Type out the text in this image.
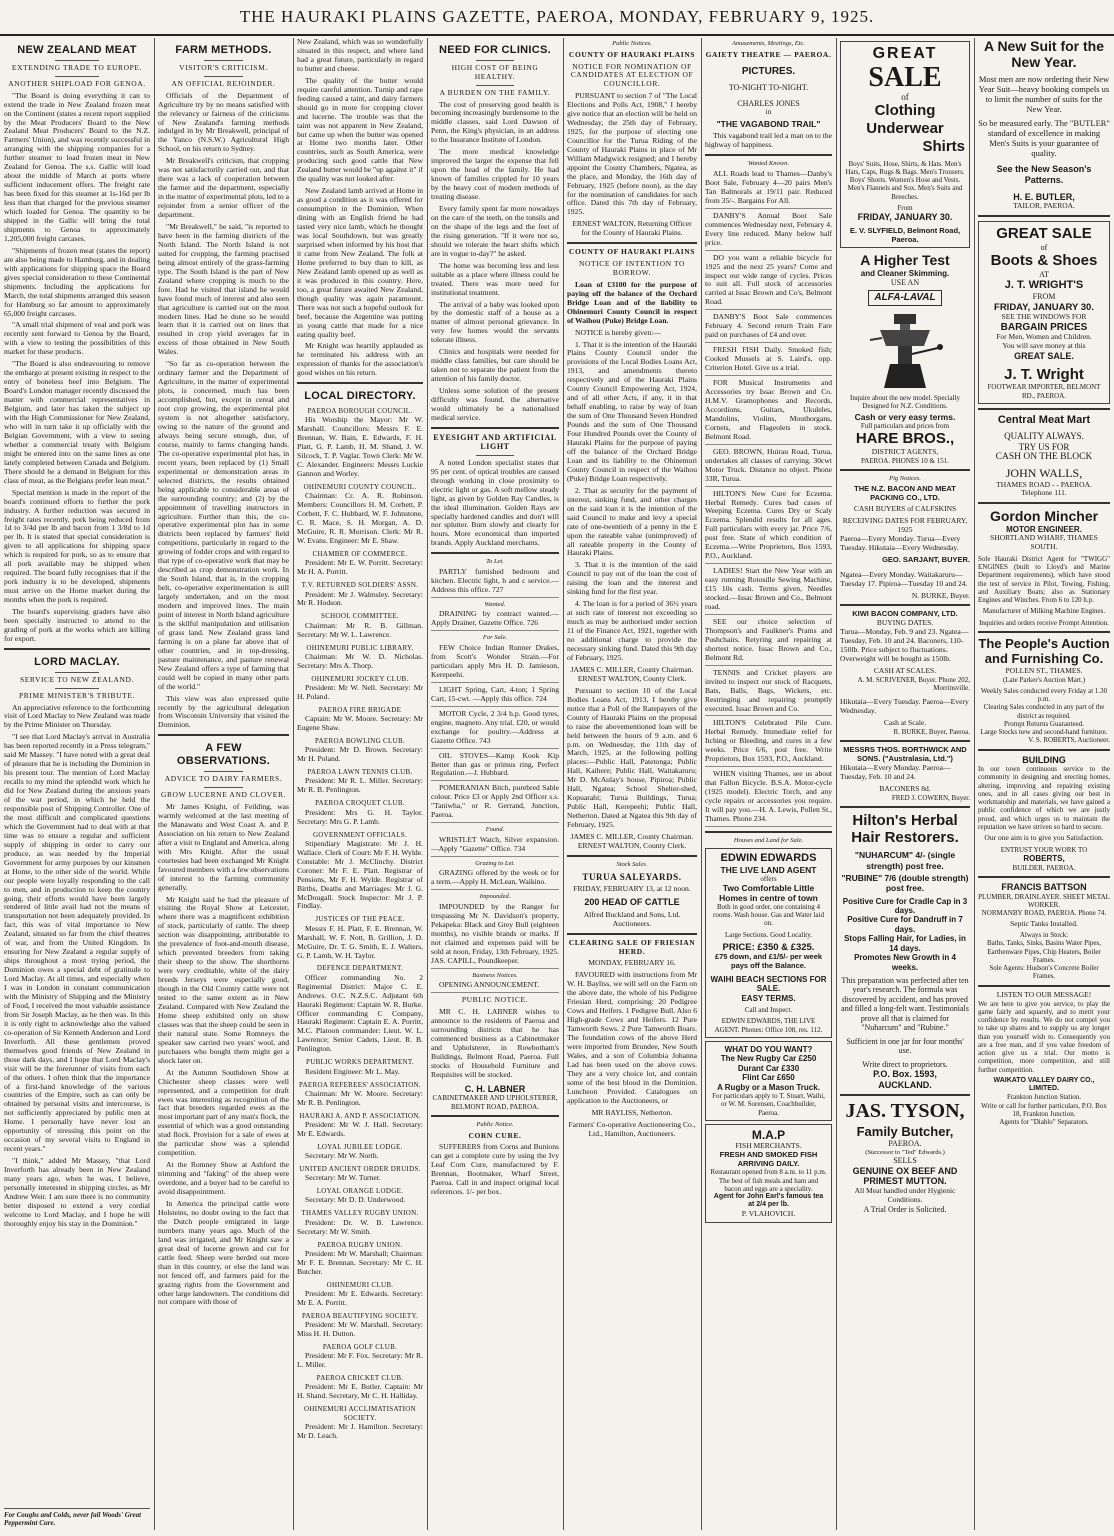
THE HAURAKI PLAINS GAZETTE, PAEROA, MONDAY, FEBRUARY 9, 1925.
NEW ZEALAND MEAT
EXTENDING TRADE TO EUROPE.
ANOTHER SHIPLOAD FOR GENOA.

"The Board is doing everything it can to extend the trade in New Zealand frozen meat on the Continent (states a recent report supplied by the Meat Producers' Board to the New Zealand Meat Producers' Board to the N.Z. Farmers' Union), and was recently successful in arranging with the shipping companies for a further steamer to load frozen meat in New Zealand for Genoa. The s.s. Gallic will load about the middle of March at ports where sufficient inducement offers. The freight rate has been fixed for this steamer at 1s-16d per lb less than that charged for the previous steamer which loaded for Genoa. The quantity to be shipped in the Gallic will bring the total shipments to Genoa to approximately 1,205,000 freight carcases.

"Shipments of frozen meat (states the report) are also being made to Hamburg, and in dealing with applications for shipping space the Board gives special consideration to these Continental shipments. Including the applications for March, the total shipments arranged this season for Hamburg so far amount to approximately 65,000 freight carcases.

"A small trial shipment of veal and pork was recently sent forward to Genoa by the Board, with a view to testing the possibilities of this market for these products.

"The Board is also endeavouring to remove the embargo at present existing in respect to the entry of boneless beef into Belgium. The Board's London manager recently discussed the matter with commercial representatives in Belgium, and later has taken the subject up with the High Commissioner for New Zealand, who will in turn take it up officially with the Belgian Government, with a view to seeing whether a commercial treaty with Belgium might be entered into on the same lines as one lately completed between Canada and Belgium. There should be a demand in Belgium for this class of meat, as the Belgians prefer lean meat."

Special mention is made in the report of the board's continued efforts to further the pork industry. A further reduction was secured in freight rates recently, pork being reduced from 1d to 3/4d per lb and bacon from 1 3/8d to 1d per lb. It is stated that special consideration is given to all applications for shipping space which is required for pork, so as to ensure that all pork available may be shipped when required. The board fully recognises that if the pork industry is to be developed, shipments must arrive on the Home market during the months when the pork is required.

The board's supervising graders have also been specially instructed to attend to the grading of pork at the works which are killing for export.

LORD MACLAY.
SERVICE TO NEW ZEALAND.
PRIME MINISTER'S TRIBUTE.

An appreciative reference to the forthcoming visit of Lord Maclay to New Zealand was made by the Prime Minister on Thursday.

"I see that Lord Maclay's arrival in Australia has been reported recently in a Press telegram," said Mr Massey. "I have noted with a great deal of pleasure that he is including the Dominion in his present tour. The mention of Lord Maclay recalls to my mind the splendid work which he did for New Zealand during the anxious years of the war period, in which he held the responsible post of Shipping Controller. One of the most difficult and complicated questions which the Government had to deal with at that time was to ensure a regular and sufficient supply of shipping in order to carry our produce, as was needed by the Imperial Government for army purposes by our kinsmen at Home, to the other side of the world. While our people were loyally responding to the call to men, and in production to keep the country going, their efforts would have been largely rendered of little avail had not the means of transportation not been adequately provided. In fact, this was of vital importance to New Zealand, situated so far from the chief theatres of war, and from the United Kingdom. In ensuring for New Zealand a regular supply of ships throughout a most trying period, the Dominion owes a special debt of gratitude to Lord Maclay. At all times, and especially when I was in London in constant communication with the Ministry of Shipping and the Ministry of Food, I received the most valuable assistance from Sir Joseph Maclay, as he then was. In this it is only right to acknowledge also the valued co-operation of Sir Kenneth Anderson and Lord Inverforth. All these gentlemen proved themselves good friends of New Zealand in those dark days, and I hope that Lord Maclay's visit will be the forerunner of visits from each of the others. I often think that the importance of a first-hand knowledge of the various countries of the Empire, such as can only be obtained by personal visits and intercourse, is not sufficiently appreciated by public men at Home. I personally have never lost an opportunity of stressing this point on the occasion of my several visits to England in recent years."

"I think," added Mr Massey, "that Lord Inverforth has already been in New Zealand many years ago, when he was, I believe, personally interested in shipping circles, as Mr Andrew Weir. I am sure there is no community better disposed to extend a very cordial welcome to Lord Maclay, and I hope he will thoroughly enjoy his stay in the Dominion."

For Coughs and Colds, never fail Woods' Great Peppermint Cure.
FARM METHODS.
VISITOR'S CRITICISM.
AN OFFICIAL REJOINDER.

Officials of the Department of Agriculture try by no means satisfied with the relevancy or fairness of the criticisms of New Zealand's farming methods indulged in by Mr Breakwell, principal of the Yanco (N.S.W.) Agricultural High School, on his return to Sydney.

Mr Breakwell's criticism, that cropping was not satisfactorily carried out, and that there was a lack of cooperation between the farmer and the department, especially in the matter of experimental plots, led to a rejoinder from a senior officer of the department.

"Mr Breakwell," he said, "is reported to have been in the farming districts of the North Island. The North Island is not suited for cropping, the farming practised being almost entirely of the grass-farming type. The South Island is the part of New Zealand where cropping is much to the fore. Had he visited that island he would have found much of interest and also seen that agriculture is carried out on the most modern lines. Had he done so he would learn that it is carried out on lines that resulted in crop yield averages far in excess of those obtained in New South Wales.

"So far as co-operation between the ordinary farmer and the Department of Agriculture, in the matter of experimental plots, is concerned, much has been accomplished, but, except in cereal and root crop growing, the experimental plot system is not altogether satisfactory, owing to the nature of the ground and always being secure enough, due, of course, mainly to farms changing hands. The co-operative experimental plot has, in recent years, been replaced by (1) Small experimental or demonstration areas in selected districts, the results obtained being applicable to considerable areas of the surrounding country; and (2) by the appointment of travelling instructors in agriculture. Further than this, the co-operative experimental plot has in some districts been replaced by farmers' field competitions, particularly in regard to the growing of fodder crops and with regard to that type of co-operative work that may be described as crop demonstration work. In the South Island, that is, in the cropping belt, co-operative experimentation is still largely undertaken, and on the most modern and improved lines. The main point of interest in North Island agriculture is the skilful manipulation and utilisation of grass land. New Zealand grass land farming is on a plane far above that of other countries, and in top-dressing, pasture maintenance, and pasture renewal New Zealand offers a type of farming that could well be copied in many other parts of the world."

This view was also expressed quite recently by the agricultural delegation from Wisconsin University that visited the Dominion.

A FEW OBSERVATIONS.
ADVICE TO DAIRY FARMERS.
GROW LUCERNE AND CLOVER.

Mr James Knight, of Feilding, was warmly welcomed at the last meeting of the Manawatu and West Coast A. and P. Association on his return to New Zealand after a visit to England and America, along with Mrs Knight. After the usual courtesies had been exchanged Mr Knight favoured members with a few observations of interest to the farming community generally.

Mr Knight said he had the pleasure of visiting the Royal Show at Leicester, where there was a magnificent exhibition of stock, particularly of cattle. The sheep section was disappointing, attributable to the prevalence of foot-and-mouth disease, which prevented breeders from taking their sheep to the show. The shorthorns were very creditable, white of the dairy breeds Jerseys were especially good, though in the Old Country cattle were not tested to the same extent as in New Zealand. Compared with New Zealand the Home sheep exhibited only on show classes was that the sheep could be seen in their natural state. Some Romneys the speaker saw carried two years' wool, and purchasers who bought them might get a shock later on.

At the Autumn Southdown Show at Chichester sheep classes were well represented, and a competition for draft ewes was interesting as recognition of the fact that breeders regarded ewes as the most important part of any man's flock, the essential of which was a good outstanding stud flock. Provision for a sale of ewes at the particular show was a splendid competition.

At the Romney Show at Ashford the trimming and "faking" of the sheep were overdone, and a buyer had to be careful to avoid disappointment.

In America the principal cattle were Holsteins, no doubt owing to the fact that the Dutch people emigrated in large numbers many years ago. Much of the land was irrigated, and Mr Knight saw a great deal of lucerne grown and cut for cattle feed. Sheep were herded out more than in this country, or else the land was not fenced off, and farmers paid for the grazing rights from the Government and other large landowners. The conditions did not compare with those of

New Zealand, which was so wonderfully situated in this respect, and where land had a great future, particularly in regard to butter and cheese.

The quality of the butter would require careful attention. Turnip and rape feeding caused a taint, and dairy farmers should go in more for cropping clover and lucerne. The trouble was that the taint was not apparent in New Zealand, but came up when the butter was opened at Home two months later. Other countries, such as South America, were producing such good cattle that New Zealand butter would be "up against it" if the quality was not looked after.

New Zealand lamb arrived at Home in as good a condition as it was offered for consumption in the Dominion. When dining with an English friend he had tasted very nice lamb, which he thought was local Southdown, but was greatly surprised when informed by his host that it came from New Zealand. The folk at Home preferred to buy than to kill, as New Zealand lamb opened up as well as it was produced in this country. Here, too, a great future awaited New Zealand, though quality was again paramount. There was not such a hopeful outlook for beef, because the Argentine was putting in young cattle that made for a nice eating quality beef.

Mr Knight was heartily applauded as he terminated his address with an expression of thanks for the association's good wishes on his return.

LOCAL DIRECTORY.
PAEROA BOROUGH COUNCIL.

His Worship the Mayor: Mr W. Marshall. Councillors: Messrs F. E. Brennan, W. Bain, E. Edwards, F. H. Platt, G. P. Lamb, H. M. Shand, J. W. Silcock, T. P. Vaglar. Town Clerk: Mr W. C. Alexander. Engineers: Messrs Luckie Gannon and Worley.

OHINEMURI COUNTY COUNCIL.

Chairman: Cr. A. R. Robinson. Members: Councillors H. M. Corbett, P. Corbett, F. C. Hubbard, W. F. Johnstone, C. R. Mace, S. H. Morgan, A. D. McGuire, R. R. Morrison. Clerk: Mr R. W. Evans. Engineer: Mr E. Shaw.

CHAMBER OF COMMERCE.

President: Mr E. W. Porritt. Secretary: Mr H. A. Porritt.

T.V. RETURNED SOLDIERS' ASSN.

President: Mr J. Walmsley. Secretary: Mr R. Hodson.

SCHOOL COMMITTEE.

Chairman: Mr R. B. Gillman. Secretary: Mr W. L. Lawrence.

OHINEMURI PUBLIC LIBRARY.

Chairman: Mr W. D. Nicholas. Secretary: Mrs A. Thorp.

OHINEMURI JOCKEY CLUB.

President: Mr W. Nell. Secretary: Mr H. Poland.

PAEROA FIRE BRIGADE

Captain: Mr W. Moore. Secretary: Mr Eugene Shaw.

PAEROA BOWLING CLUB.

President: Mr D. Brown. Secretary: Mr H. Poland.

PAEROA LAWN TENNIS CLUB.

President: Mr R. L. Miller. Secretary: Mr R. B. Penlington.

PAEROA CROQUET CLUB.

President: Mrs G. H. Taylor. Secretary: Mrs G. P. Lamb.

GOVERNMENT OFFICIALS.

Stipendiary Magistrate: Mr J. H. Wallace. Clerk of Court: Mr F. H. Wylde. Constable: Mr J. McClinchy. District Coroner: Mr F. E. Platt. Registrar of Pensions, Mr F. H. Wylde. Registrar of Births, Deaths and Marriages: Mr J. G. McDougall. Stock Inspector: Mr J. P. Findlay.

JUSTICES OF THE PEACE.

Messrs F. H. Platt, F. E. Brennan, W. Marshall, W. F. Nott, B. Grillion, J. D. McGuire, Dr. T. G. Smith, E. J. Walters, G. P. Lamb, W. H. Taylor.

DEFENCE DEPARTMENT.

Officer commanding No. 2 Regimental District: Major C. E. Andrews. O.C. N.Z.S.C. Adjutant 6th Hauraki Regiment: Captain W. R. Burke. Officer commanding C Company, Hauraki Regiment: Captain E. A. Porritt, M.C. Platoon commander: Lieut. W. L. Lawrence; Senior Cadets, Lieut. R. B. Penlington.

PUBLIC WORKS DEPARTMENT.

Resident Engineer: Mr L. May.

PAEROA REFEREES' ASSOCIATION.

Chairman: Mr W. Moore. Secretary: Mr R. B. Penlington.

HAURAKI A. AND P. ASSOCIATION.

President: Mr W. J. Hall. Secretary: Mr E. Edwards.

LOYAL JUBILEE LODGE.

Secretary: Mr W. North.

UNITED ANCIENT ORDER DRUIDS.

Secretary: Mr W. Turner.

LOYAL ORANGE LODGE.

Secretary: Mr D. D. Underwood.

THAMES VALLEY RUGBY UNION.

President: Dr. W. B. Lawrence. Secretary: Mr W. Smith.

PAEROA RUGBY UNION.

President: Mr W. Marshall; Chairman: Mr F. E. Brennan. Secretary: Mr C. H. Butcher.

OHINEMURI CLUB.

President: Mr E. Edwards. Secretary: Mr E. A. Porritt.

PAEROA BEAUTIFYING SOCIETY.

President: Mr W. Marshall. Secretary: Miss H. H. Dutton.

PAEROA GOLF CLUB.

President: Mr F. Fox. Secretary: Mr R. L. Miller.

PAEROA CRICKET CLUB.

President: Mr E. Butler. Captain: Mr H. Shand. Secretary, Mr C. H. Halliday.

OHINEMURI ACCLIMATISATION SOCIETY.

President: Mr J. Hamilton. Secretary: Mr D. Leach.

NEED FOR CLINICS.
HIGH COST OF BEING HEALTHY.
A BURDEN ON THE FAMILY.

The cost of preserving good health is becoming increasingly burdensome to the middle classes, said Lord Dawson of Penn, the King's physician, in an address to the Insurance Institute of London.

The more medical knowledge improved the larger the expense that fell upon the head of the family. He had known of families crippled for 10 years by the heavy cost of modern methods of treating disease.

Every family spent far more nowadays on the care of the teeth, on the tonsils and on the shape of the legs and the feet of the rising generation. "If it were not so, should we tolerate the heart shifts which are in vogue to-day?" he asked.

The home was becoming less and less suitable as a place where illness could be treated. There was more need for institutional treatment.

The arrival of a baby was looked upon by the domestic staff of a house as a matter of almost personal grievance. In very few homes would the servants tolerate illness.

Clinics and hospitals were needed for middle class families, but care should be taken not to separate the patient from the attention of his family doctor.

Unless some solution of the present difficulty was found, the alternative would ultimately be a nationalised medical service.

EYESIGHT AND ARTIFICIAL LIGHT

A noted London specialist states that 95 per cent. of optical troubles are caused through working in close proximity to electric light or gas. A soft mellow steady light, as given by Golden Ray Candles, is the ideal illumination. Golden Rays are specially hardened candles and don't will nor splutter. Burn slowly and clearly for hours. More economical than imported brands. Apply Auckland merchants.

To Let.

PARTLY furnished bedroom and kitchen. Electric light, h and c service.—Address this office. 727

Wanted.

DRAINING by contract wanted.—Apply Drainer, Gazette Office. 726

For Sale.

FEW Choice Indian Runner Drakes, from Scott's Wonder Strain.—For particulars apply Mrs H. D. Jamieson, Kerepeehi.

LIGHT Spring, Cart, 4-ton; 1 Spring Cart, 15-cwt. —Apply this office. 724

MOTOR Cycle, 2 3/4 h.p. Good tyres, engine, magneto. Any trial. £20, or would exchange for poultry.—Address at Gazette Office. 743

OIL STOVES—Kamp Kook Kip Better than gas or primus ring, Perfect Regulation.—J. Hubbard.

POMERANIAN Bitch, purebred Sable colour. Price £3 or Apply 2nd Officer s.s. "Taniwha," or R. Gerrand, Junction, Paeroa.

Found.

WRISTLET Watch, Silver expansion.—Apply "Gazette" Office. 734

Grazing to Let.

GRAZING offered by the week or for a term.—Apply H. McLean, Waikino.

Impounded.

IMPOUNDED by the Ranger for trespassing Mr N. Davidson's property, Pekapeka: Black and Grey Bull (eighteen months), no visible brands or marks. If not claimed and expenses paid will be sold at noon, Friday, 13th February, 1925. JAS. CAPILL, Poundkeeper.

Business Notices.

OPENING ANNOUNCEMENT.

PUBLIC NOTICE.

MR C. H. LABNER wishes to announce to the residents of Paeroa and surrounding districts that he has commenced business as a Cabinetmaker and Upholsterer, in Rowbotham's Buildings, Belmont Road, Paeroa. Full stocks of Household Furniture and Requisites will be stocked.

C. H. LABNER
CABINETMAKER AND UPHOLSTERER, BELMONT ROAD, PAEROA.
Public Notice.
CORN CURE.

SUFFERERS from Corns and Bunions can get a complete cure by using the Ivy Leaf Corn Cure, manufactured by F. Brennan, Bootmaker, Wharf Street, Paeroa. Call in and inspect original local references. 1/- per box.

Public Notices.
COUNTY OF HAURAKI PLAINS
NOTICE FOR NOMINATION OF CANDIDATES AT ELECTION OF COUNCILLOR.

PURSUANT to section 7 of "The Local Elections and Polls Act, 1908," I hereby give notice that an election will be held on Wednesday, the 25th day of February, 1925, for the purpose of electing one Councillor for the Turua Riding of the County of Hauraki Plains in place of Mr William Madgwick resigned; and I hereby appoint the County Chambers, Ngatea, as the place, and Monday, the 16th day of February, 1925 (before noon), as the day for the nomination of candidates for such office. Dated this 7th day of February, 1925.

ERNEST WALTON, Returning Officer for the County of Hauraki Plains.

COUNTY OF HAURAKI PLAINS
NOTICE OF INTENTION TO BORROW.

Loan of £3100 for the purpose of paying off the balance of the Orchard Bridge Loan and of the liability to Ohinemuri County Council in respect of Waihou (Puke) Bridge Loan.

NOTICE is hereby given:—

1. That it is the intention of the Hauraki Plains County Council under the provisions of the Local Bodies Loans Act, 1913, and amendments thereto respectively and of the Hauraki Plains County Council Empowering Act, 1924, and of all other Acts, if any, it in that behalf enabling, to raise by way of loan the sum of One Thousand Seven Hundred Pounds and the sum of One Thousand Four Hundred Pounds over the County of Hauraki Plains for the purpose of paying off the balance of the Orchard Bridge Loan and its liability to the Ohinemuri County Council in respect of the Waihou (Puke) Bridge Loan respectively.

2. That as security for the payment of interest, sinking fund, and other charges on the said loan it is the intention of the said Council to make and levy a special rate of one-twentieth of a penny in the £ upon the rateable value (unimproved) of all rateable property in the County of Hauraki Plains.

3. That it is the intention of the said Council to pay out of the loan the cost of raising the loan and the interest and sinking fund for the first year.

4. The loan is for a period of 36½ years at such rate of interest not exceeding so much as may be authorised under section 11 of the Finance Act, 1921, together with no additional charge to provide the necessary sinking fund. Dated this 9th day of February, 1925.

JAMES C. MILLER, County Chairman. ERNEST WALTON, County Clerk.

Pursuant to section 10 of the Local Bodies Loans Act, 1913, I hereby give notice that a Poll of the Ratepayers of the County of Hauraki Plains on the proposal to raise the abovementioned loan will be held between the hours of 9 a.m. and 6 p.m. on Wednesday, the 11th day of March, 1925, at the following polling places:—Public Hall, Patetonga; Public Hall, Kaihere; Public Hall, Waitakaruru; Mr D. McAulay's house, Pipiroa; Public Hall, Ngatea; School Shelter-shed, Kopuarahi; Turua Buildings, Turua; Public Hall, Kerepeehi; Public Hall, Netherton. Dated at Ngatea this 9th day of February, 1925.

JAMES C. MILLER, County Chairman. ERNEST WALTON, County Clerk.

Stock Sales.
TURUA SALEYARDS.

FRIDAY, FEBRUARY 13, at 12 noon.

200 HEAD OF CATTLE

Alfred Buckland and Sons, Ltd. Auctioneers.

CLEARING SALE OF FRIESIAN HERD.

MONDAY, FEBRUARY 16.

FAVOURED with instructions from Mr W. H. Bayliss, we will sell on the Farm on the above date, the whole of his Pedigree Friesian Herd, comprising: 20 Pedigree Cows and Heifers. 1 Pedigree Bull. Also 6 High-grade Cows and Heifers. 12 Pure Tamworth Sows. 2 Pure Tamworth Boars. The foundation cows of the above Herd were imported from Brundee, New South Wales, and a son of Columbia Johanna Lad has been used on the above cows. They are a very choice lot, and contain some of the best blood in the Dominion. Luncheon Provided. Catalogues on application to the Auctioneers, or

MR BAYLISS, Netherton.

Farmers' Co-operative Auctioneering Co., Ltd., Hamilton, Auctioneers.

Amusements, Meetings, Etc.
GAIETY THEATRE — PAEROA.
PICTURES.
TO-NIGHT TO-NIGHT.
CHARLES JONES
in
"THE VAGABOND TRAIL"

This vagabond trail led a man on to the highway of happiness.

Wanted Known.

ALL Roads lead to Thames—Danby's Boot Sale, February 4—20 pairs Men's Tan Balmorals at 19/11 pair. Reduced from 35/-. Bargains For All.

DANBY'S Annual Boot Sale commences Wednesday next, February 4. Every line reduced. Many below half price.

DO you want a reliable bicycle for 1925 and the next 25 years? Come and inspect our wide range of cycles. Prices to suit all. Full stock of accessories carried at Issac Brown and Co's, Belmont Road.

DANBY'S Boot Sale commences February 4. Second return Train Fare paid on purchases of £4 and over.

FRESH FISH Daily. Smoked fish; Cooked Mussels at S. Laird's, opp. Criterion Hotel. Give us a trial.

FOR Musical Instruments and Accessories try Issac Brown and Co. H.M.V. Gramophones and Records, Accordions, Guitars, Ukuleles, Mandolins, Violins, Mouthorgans, Cornets, and Flageolets in stock. Belmont Road.

GEO. BROWN, Huirau Road, Turua, undertakes all classes of carrying. 30cwt Motor Truck. Distance no object. Phone 33R, Turua.

HILTON'S New Cure for Eczema. Herbal Remedy. Cures bad cases of Weeping Eczema. Cures Dry or Scaly Eczema. Splendid results for all ages. Full particulars with every jar. Price 7/6, post free. State of which condition of Eczema.—Write Proprietors, Box 1593, P.O., Auckland.

LADIES! Start the New Year with an easy running Rotosille Sewing Machine, £15 10s cash. Terms given, Needles stocked.—Issac Brown and Co., Belmont road.

SEE our choice selection of Thompson's and Faulkner's Prams and Pushchairs. Retyring and repairing at shortest notice. Issac Brown and Co., Belmont Rd.

TENNIS and Cricket players are invited to inspect our stock of Racquets, Bats, Balls, Bags, Wickets, etc. Restringing and repairing promptly executed. Issac Brown and Co.

HILTON'S Celebrated Pile Cure. Herbal Remedy. Immediate relief for Itching or Bleeding, and cures in a few weeks. Price 6/6, post free. Write Proprietors, Box 1593, P.O., Auckland.

WHEN visiting Thames, see us about that Fallon Bicycle. B.S.A. Motor-cycle (1925 model). Electric Torch, and any cycle repairs or accessories you require. It will pay you.—H. A. Lewis, Pollen St., Thames. Phone 234.

Houses and Land for Sale.
EDWIN EDWARDS
THE LIVE LAND AGENT
offers
Two Comfortable Little Homes in centre of town
Both in good order, one containing 4 rooms. Wash house. Gas and Water laid on.
Large Sections. Good Locality.
PRICE: £350 & £325.
£75 down, and £1/5/- per week pays off the Balance.
WAIHI BEACH SECTIONS FOR SALE.
EASY TERMS.
Call and Inspect.
EDWIN EDWARDS, THE LIVE AGENT. Phones: Office 108, res. 112.
WHAT DO YOU WANT?
The New Rugby Car £250
Durant Car £330
Flint Car £650
A Rugby or a Mason Truck.
For particulars apply to T. Stuart, Waihi, or W. M. Sorensen, Coachbuilder, Paeroa.
M.A.P
FISH MERCHANTS.
FRESH AND SMOKED FISH ARRIVING DAILY.
Restaurant opened from 8 a.m. to 11 p.m. The best of fish meals and ham and bacon and eggs are a speciality.
Agent for John Earl's famous tea at 2/4 per lb.
P. VLAHOVICH.
GREAT
SALE
of
Clothing
Underwear
Shirts
Boys' Suits, Hose, Shirts, & Hats. Men's Hats, Caps, Rugs & Bags. Men's Trousers. Boys' Shorts. Women's Hose and Vests. Men's Flannels and Sox. Men's Suits and Breeches.
From
FRIDAY, JANUARY 30.
E. V. SLYFIELD, Belmont Road, Paeroa.
A Higher Test
and Cleaner Skimming.
USE AN
ALFA-LAVAL
Inquire about the new model. Specially Designed for N.Z. Conditions.
Cash or very easy terms.
Full particulars and prices from
HARE BROS.,
DISTRICT AGENTS,
PAEROA. PHONES 10 & 151.
Pig Notices.
THE N.Z. BACON AND MEAT PACKING CO., LTD.
CASH BUYERS of CALFSKINS
RECEIVING DATES FOR FEBRUARY, 1925

Paeroa—Every Monday. Turua—Every Tuesday. Hikutaia—Every Wednesday.

GEO. SARJANT, BUYER.

Ngatea—Every Monday. Waitakaruru—Tuesday 17. Pipiroa—Tuesday 10 and 24.

N. BURKE, Buyer.
KIWI BACON COMPANY, LTD.
BUYING DATES.

Turua—Monday, Feb. 9 and 23. Ngatea—Tuesday, Feb. 10 and 24. Baconers, 110-150lb. Price subject to fluctuations. Overweight will be bought as 150lb.

CASH AT SCALES.
A. M. SCRIVENER, Buyer. Phone 202, Morrinsville.

Hikutaia—Every Tuesday. Paeroa—Every Wednesday.

Cash at Scale.
R. BURKE, Buyer, Paeroa.
MESSRS THOS. BORTHWICK AND SONS. ("Australasia, Ltd.")

Hikutaia—Every Monday. Paeroa—Tuesday, Feb. 10 and 24.

BACONERS 8d.
FRED J. COWERN, Buyer.
Hilton's Herbal Hair Restorers.
"NUHARCUM" 4/- (single strength) post free.
"RUBINE" 7/6 (double strength) post free.
Positive Cure for Cradle Cap in 3 days.
Positive Cure for Dandruff in 7 days.
Stops Falling Hair, for Ladies, in 14 days.
Promotes New Growth in 4 weeks.
This preparation was perfected after ten year's research. The formula was discovered by accident, and has proved and filled a long-felt want. Testimonials prove all that is claimed for "Nuharcum" and "Rubine."
Sufficient in one jar for four months' use.
Write direct to proprietors.
P.O. Box. 1593,
AUCKLAND.
JAS. TYSON,
Family Butcher,
PAEROA.
(Successor to "Ted" Edwards.)
SELLS
GENUINE OX BEEF AND PRIMEST MUTTON.
All Meat handled under Hygienic Conditions.
A Trial Order is Solicited.
A New Suit for the New Year.
Most men are now ordering their New Year Suit—heavy booking compels us to limit the number of suits for the New Year.
So be measured early. The "BUTLER" standard of excellence in making Men's Suits is your guarantee of quality.
See the New Season's Patterns.
H. E. BUTLER,
TAILOR, PAEROA.
GREAT SALE
of
Boots & Shoes
AT
J. T. WRIGHT'S
FROM
FRIDAY, JANUARY 30.
SEE THE WINDOWS FOR
BARGAIN PRICES
For Men, Women and Children.
You will save money at this
GREAT SALE.
J. T. Wright
FOOTWEAR IMPORTER, BELMONT RD., PAEROA.
Central Meat Mart
QUALITY ALWAYS.
TRY US FOR
CASH ON THE BLOCK
JOHN WALLS,
THAMES ROAD - - PAEROA.
Telephone 111.
Gordon Mincher
MOTOR ENGINEER.
SHORTLAND WHARF, THAMES SOUTH.
Sole Hauraki District Agent for "TWIGG" ENGINES (built to Lloyd's and Marine Department requirements), which have stood the test of service in Pilot, Towing, Fishing, and Auxiliary Boats; also as Stationary Engines and Winches. From 6 to 120 h.p.
Manufacturer of Milking Machine Engines.
Inquiries and orders receive Prompt Attention.
The People's Auction and Furnishing Co.
POLLEN ST., THAMES.
(Late Parker's Auction Mart.)
Weekly Sales conducted every Friday at 1.30 p.m.
Clearing Sales conducted in any part of the district as required.
Prompt Returns Guaranteed.
Large Stocks new and second-hand furniture.
V. S. ROBERTS, Auctioneer.
BUILDING
In our town continuous service to the community in designing and erecting homes, altering, improving and repairing existing ones, and in all cases giving our best in workmanship and materials, we have gained a public confidence of which we are justly proud, and which urges us to maintain the reputation we have striven so hard to secure.
Our one aim is to give you Satisfaction.
ENTRUST YOUR WORK TO
ROBERTS,
BUILDER, PAEROA.
FRANCIS BATTSON
PLUMBER, DRAINLAYER. SHEET METAL WORKER.
NORMANBY ROAD, PAEROA. Phone 74.
Septic Tanks Installed.
Always in Stock:
Baths, Tanks, Sinks, Basins Water Pipes, Earthenware Pipes, Chip Heaters, Boiler Frames.
Sole Agents: Hudson's Concrete Boiler Frames.
LISTEN TO OUR MESSAGE!
We are here to give you service, to play the game fairly and squarely, and to merit your confidence by results. We do not compel you to take up shares and to supply us any longer than you yourself wish to. Consequently you are a free man, and if you value freedom of action give us a trial. Our motto is competition, more competition, and still further competition.
WAIKATO VALLEY DAIRY CO., LIMITED.
Frankton Junction Station.
Write or call for further particulars, P.O. Box 18, Frankton Junction.
Agents for "Diablo" Separators.
